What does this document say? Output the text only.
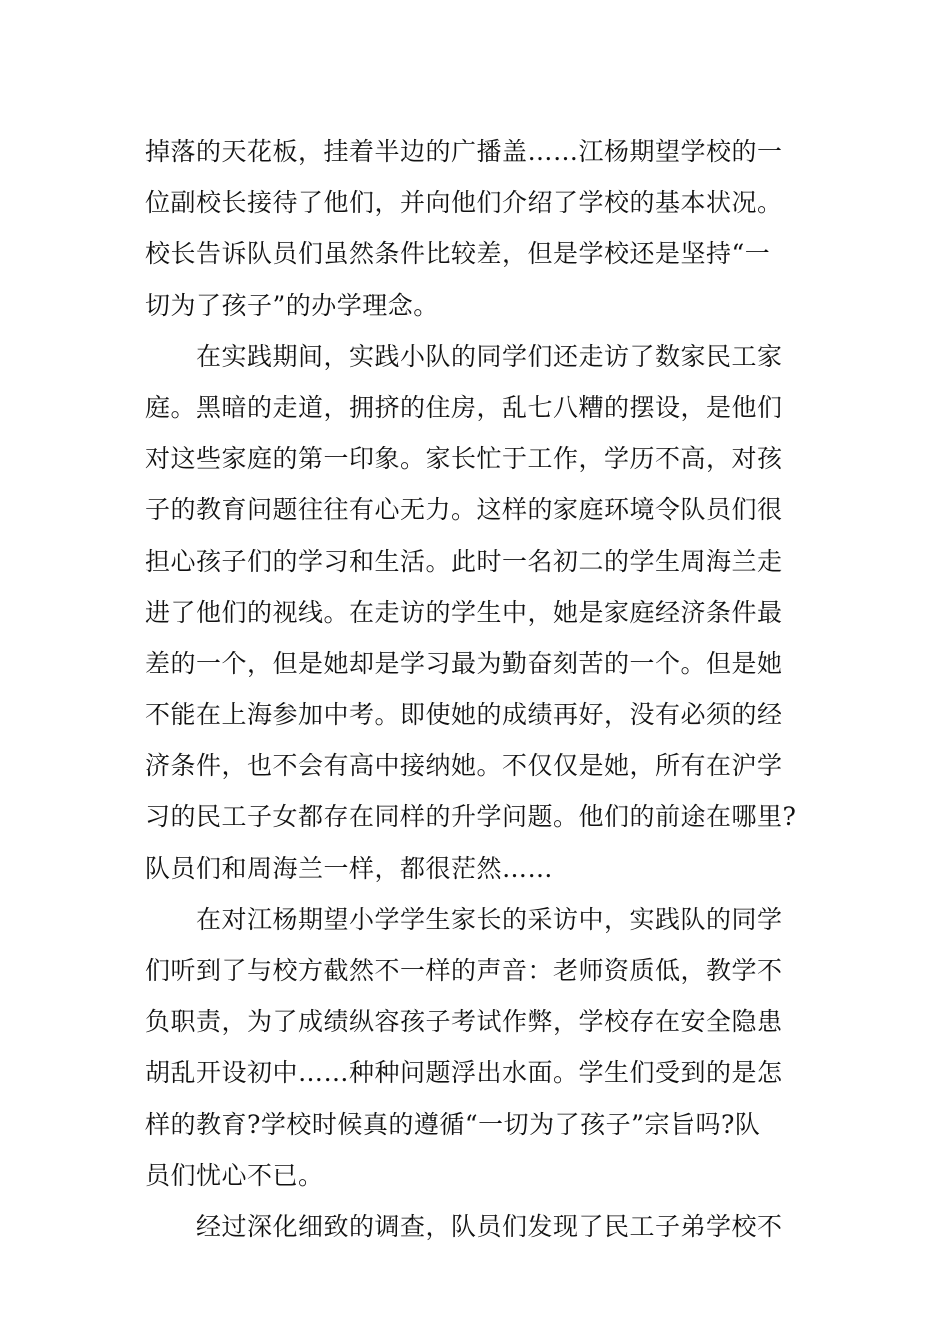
掉落的天花板，挂着半边的广播盖……江杨期望学校的一
位副校长接待了他们，并向他们介绍了学校的基本状况。
校长告诉队员们虽然条件比较差，但是学校还是坚持“一
切为了孩子”的办学理念。
　　在实践期间，实践小队的同学们还走访了数家民工家
庭。黑暗的走道，拥挤的住房，乱七八糟的摆设，是他们
对这些家庭的第一印象。家长忙于工作，学历不高，对孩
子的教育问题往往有心无力。这样的家庭环境令队员们很
担心孩子们的学习和生活。此时一名初二的学生周海兰走
进了他们的视线。在走访的学生中，她是家庭经济条件最
差的一个，但是她却是学习最为勤奋刻苦的一个。但是她
不能在上海参加中考。即使她的成绩再好，没有必须的经
济条件，也不会有高中接纳她。不仅仅是她，所有在沪学
习的民工子女都存在同样的升学问题。他们的前途在哪里?
队员们和周海兰一样，都很茫然……
　　在对江杨期望小学学生家长的采访中，实践队的同学
们听到了与校方截然不一样的声音：老师资质低，教学不
负职责，为了成绩纵容孩子考试作弊，学校存在安全隐患
胡乱开设初中……种种问题浮出水面。学生们受到的是怎
样的教育?学校时候真的遵循“一切为了孩子”宗旨吗?队
员们忧心不已。
　　经过深化细致的调查，队员们发现了民工子弟学校不
